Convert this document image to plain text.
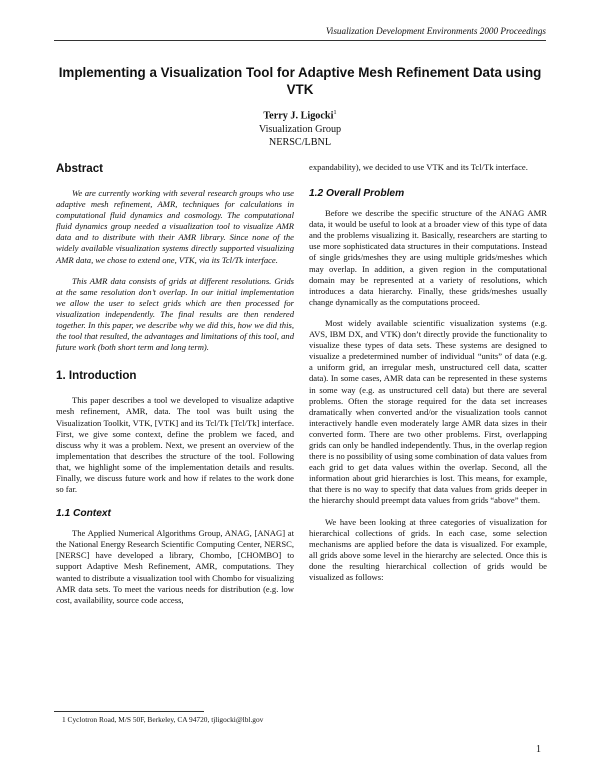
Visualization Development Environments 2000 Proceedings
Implementing a Visualization Tool for Adaptive Mesh Refinement Data using VTK
Terry J. Ligocki$^1$
Visualization Group
NERSC/LBNL
Abstract

We are currently working with several research groups who use adaptive mesh refinement, AMR, techniques for calculations in computational fluid dynamics and cosmology. The computational fluid dynamics group needed a visualization tool to visualize AMR data and to distribute with their AMR library. Since none of the widely available visualization systems directly supported visualizing AMR data, we chose to extend one, VTK, via its Tcl/Tk interface.

This AMR data consists of grids at different resolutions. Grids at the same resolution don’t overlap. In our initial implementation we allow the user to select grids which are then processed for visualization independently. The final results are then rendered together. In this paper, we describe why we did this, how we did this, the tool that resulted, the advantages and limitations of this tool, and future work (both short term and long term).

1. Introduction

This paper describes a tool we developed to visualize adaptive mesh refinement, AMR, data. The tool was built using the Visualization Toolkit, VTK, [VTK] and its Tcl/Tk [Tcl/Tk] interface. First, we give some context, define the problem we faced, and discuss why it was a problem. Next, we present an overview of the implementation that describes the structure of the tool. Following that, we highlight some of the implementation details and results. Finally, we discuss future work and how if relates to the work done so far.

1.1 Context

The Applied Numerical Algorithms Group, ANAG, [ANAG] at the National Energy Research Scientific Computing Center, NERSC, [NERSC] have developed a library, Chombo, [CHOMBO] to support Adaptive Mesh Refinement, AMR, computations. They wanted to distribute a visualization tool with Chombo for visualizing AMR data sets. To meet the various needs for distribution (e.g. low cost, availability, source code access,

expandability), we decided to use VTK and its Tcl/Tk interface.

1.2 Overall Problem

Before we describe the specific structure of the ANAG AMR data, it would be useful to look at a broader view of this type of data and the problems visualizing it. Basically, researchers are starting to use more sophisticated data structures in their computations. Instead of single grids/meshes they are using multiple grids/meshes which may overlap. In addition, a given region in the computational domain may be represented at a variety of resolutions, which introduces a data hierarchy. Finally, these grids/meshes usually change dynamically as the computations proceed.

Most widely available scientific visualization systems (e.g. AVS, IBM DX, and VTK) don’t directly provide the functionality to visualize these types of data sets. These systems are designed to visualize a predetermined number of individual “units” of data (e.g. a uniform grid, an irregular mesh, unstructured cell data, scatter data). In some cases, AMR data can be represented in these systems in some way (e.g. as unstructured cell data) but there are several problems. Often the storage required for the data set increases dramatically when converted and/or the visualization tools cannot interactively handle even moderately large AMR data sizes in their converted form. There are two other problems. First, overlapping grids can only be handled independently. Thus, in the overlap region there is no possibility of using some combination of data values from each grid to get data values within the overlap. Second, all the information about grid hierarchies is lost. This means, for example, that there is no way to specify that data values from grids deeper in the hierarchy should preempt data values from grids “above” them.

We have been looking at three categories of visualization for hierarchical collections of grids. In each case, some selection mechanisms are applied before the data is visualized. For example, all grids above some level in the hierarchy are selected. Once this is done the resulting hierarchical collection of grids would be visualized as follows:

1 Cyclotron Road, M/S 50F, Berkeley, CA 94720, tjligocki@lbl.gov
1
